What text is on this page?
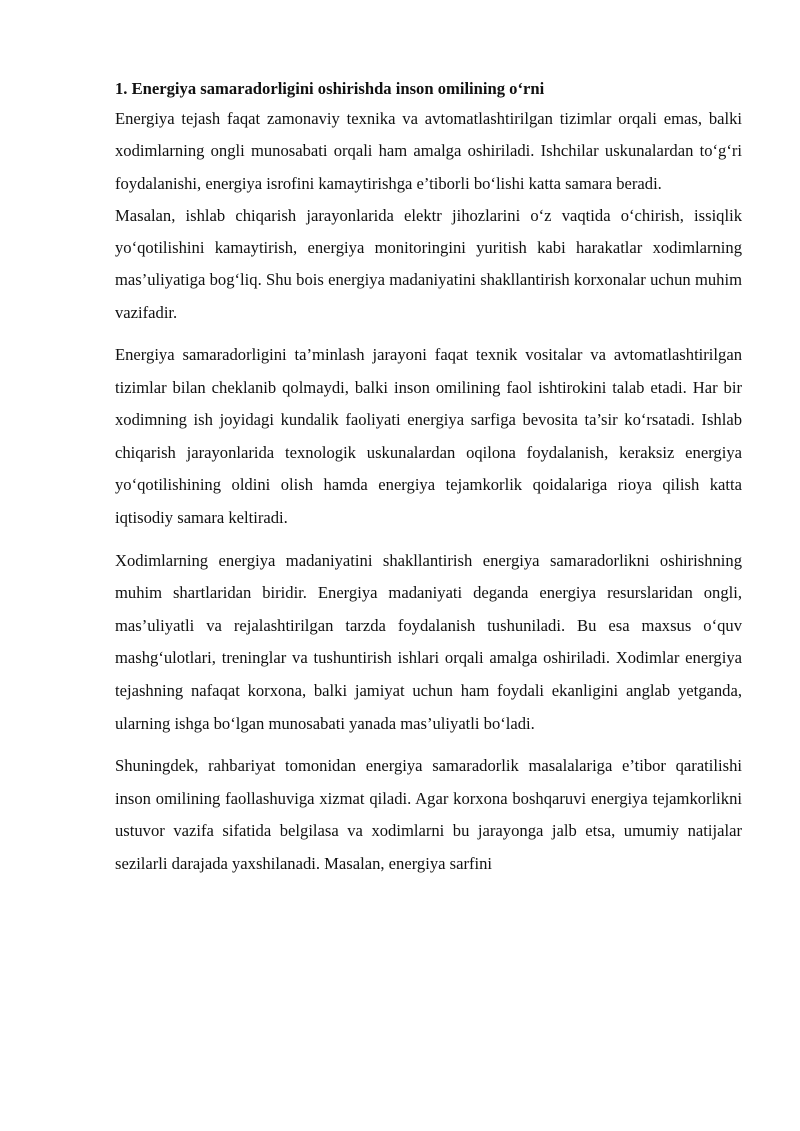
1. Energiya samaradorligini oshirishda inson omilining o‘rni

Energiya tejash faqat zamonaviy texnika va avtomatlashtirilgan tizimlar orqali emas, balki xodimlarning ongli munosabati orqali ham amalga oshiriladi. Ishchilar uskunalardan to‘g‘ri foydalanishi, energiya isrofini kamaytirishga e’tiborli bo‘lishi katta samara beradi.

Masalan, ishlab chiqarish jarayonlarida elektr jihozlarini o‘z vaqtida o‘chirish, issiqlik yo‘qotilishini kamaytirish, energiya monitoringini yuritish kabi harakatlar xodimlarning mas’uliyatiga bog‘liq. Shu bois energiya madaniyatini shakllantirish korxonalar uchun muhim vazifadir.

Energiya samaradorligini ta’minlash jarayoni faqat texnik vositalar va avtomatlashtirilgan tizimlar bilan cheklanib qolmaydi, balki inson omilining faol ishtirokini talab etadi. Har bir xodimning ish joyidagi kundalik faoliyati energiya sarfiga bevosita ta’sir ko‘rsatadi. Ishlab chiqarish jarayonlarida texnologik uskunalardan oqilona foydalanish, keraksiz energiya yo‘qotilishining oldini olish hamda energiya tejamkorlik qoidalariga rioya qilish katta iqtisodiy samara keltiradi.

Xodimlarning energiya madaniyatini shakllantirish energiya samaradorlikni oshirishning muhim shartlaridan biridir. Energiya madaniyati deganda energiya resurslaridan ongli, mas’uliyatli va rejalashtirilgan tarzda foydalanish tushuniladi. Bu esa maxsus o‘quv mashg‘ulotlari, treninglar va tushuntirish ishlari orqali amalga oshiriladi. Xodimlar energiya tejashning nafaqat korxona, balki jamiyat uchun ham foydali ekanligini anglab yetganda, ularning ishga bo‘lgan munosabati yanada mas’uliyatli bo‘ladi.

Shuningdek, rahbariyat tomonidan energiya samaradorlik masalalariga e’tibor qaratilishi inson omilining faollashuviga xizmat qiladi. Agar korxona boshqaruvi energiya tejamkorlikni ustuvor vazifa sifatida belgilasa va xodimlarni bu jarayonga jalb etsa, umumiy natijalar sezilarli darajada yaxshilanadi. Masalan, energiya sarfini
